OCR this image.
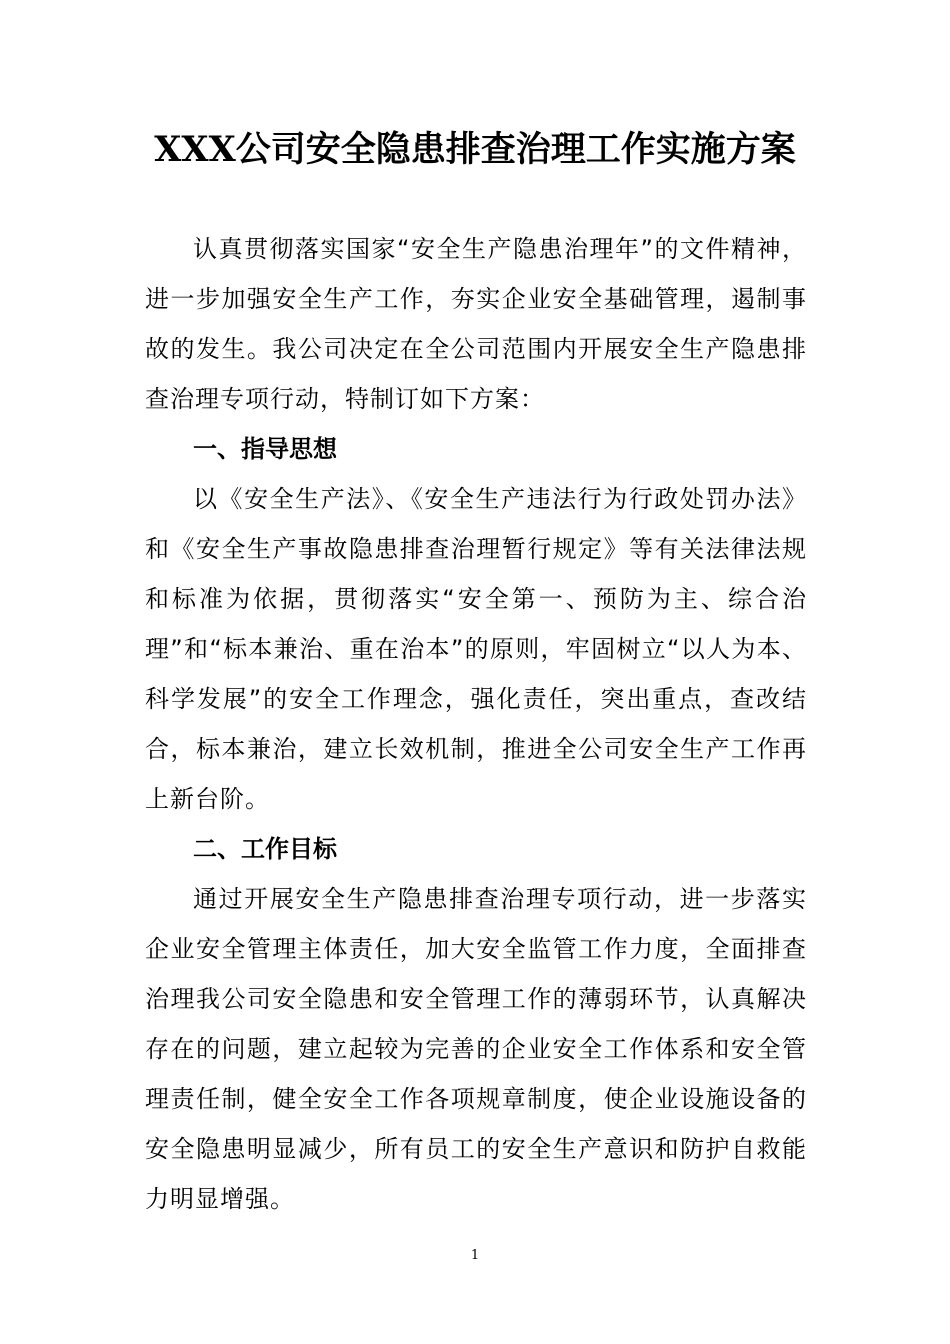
XXX公司安全隐患排查治理工作实施方案

认真贯彻落实国家“安全生产隐患治理年”的文件精神，进一步加强安全生产工作，夯实企业安全基础管理，遏制事故的发生。我公司决定在全公司范围内开展安全生产隐患排查治理专项行动，特制订如下方案：

一、指导思想

以《安全生产法》、《安全生产违法行为行政处罚办法》和《安全生产事故隐患排查治理暂行规定》等有关法律法规和标准为依据，贯彻落实“安全第一、预防为主、综合治理”和“标本兼治、重在治本”的原则，牢固树立“以人为本、科学发展”的安全工作理念，强化责任，突出重点，查改结合，标本兼治，建立长效机制，推进全公司安全生产工作再上新台阶。

二、工作目标

通过开展安全生产隐患排查治理专项行动，进一步落实企业安全管理主体责任，加大安全监管工作力度，全面排查治理我公司安全隐患和安全管理工作的薄弱环节，认真解决存在的问题，建立起较为完善的企业安全工作体系和安全管理责任制，健全安全工作各项规章制度，使企业设施设备的安全隐患明显减少，所有员工的安全生产意识和防护自救能力明显增强。

1
